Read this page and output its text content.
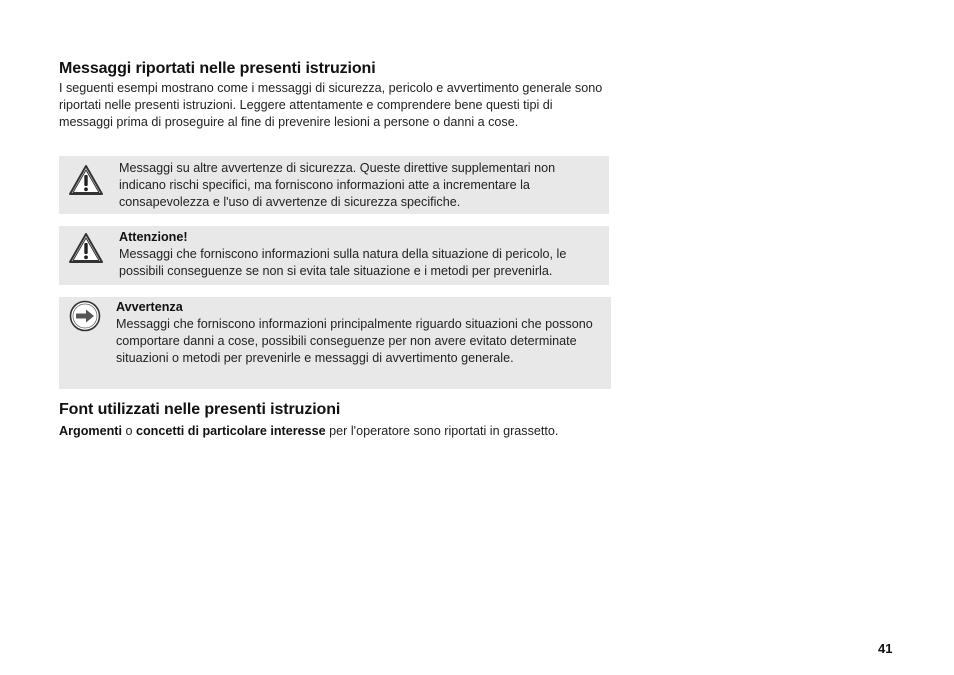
Messaggi riportati nelle presenti istruzioni

I seguenti esempi mostrano come i messaggi di sicurezza, pericolo e avvertimento generale sono riportati nelle presenti istruzioni. Leggere attentamente e comprendere bene questi tipi di messaggi prima di proseguire al fine di prevenire lesioni a persone o danni a cose.

Messaggi su altre avvertenze di sicurezza. Queste direttive supplementari non indicano rischi specifici, ma forniscono informazioni atte a incrementare la consapevolezza e l'uso di avvertenze di sicurezza specifiche.

Attenzione!

Messaggi che forniscono informazioni sulla natura della situazione di pericolo, le possibili conseguenze se non si evita tale situazione e i metodi per prevenirla.

Avvertenza

Messaggi che forniscono informazioni principalmente riguardo situazioni che possono comportare danni a cose, possibili conseguenze per non avere evitato determinate situazioni o metodi per prevenirle e messaggi di avvertimento generale.

Font utilizzati nelle presenti istruzioni

Argomenti o concetti di particolare interesse per l'operatore sono riportati in grassetto.

41
